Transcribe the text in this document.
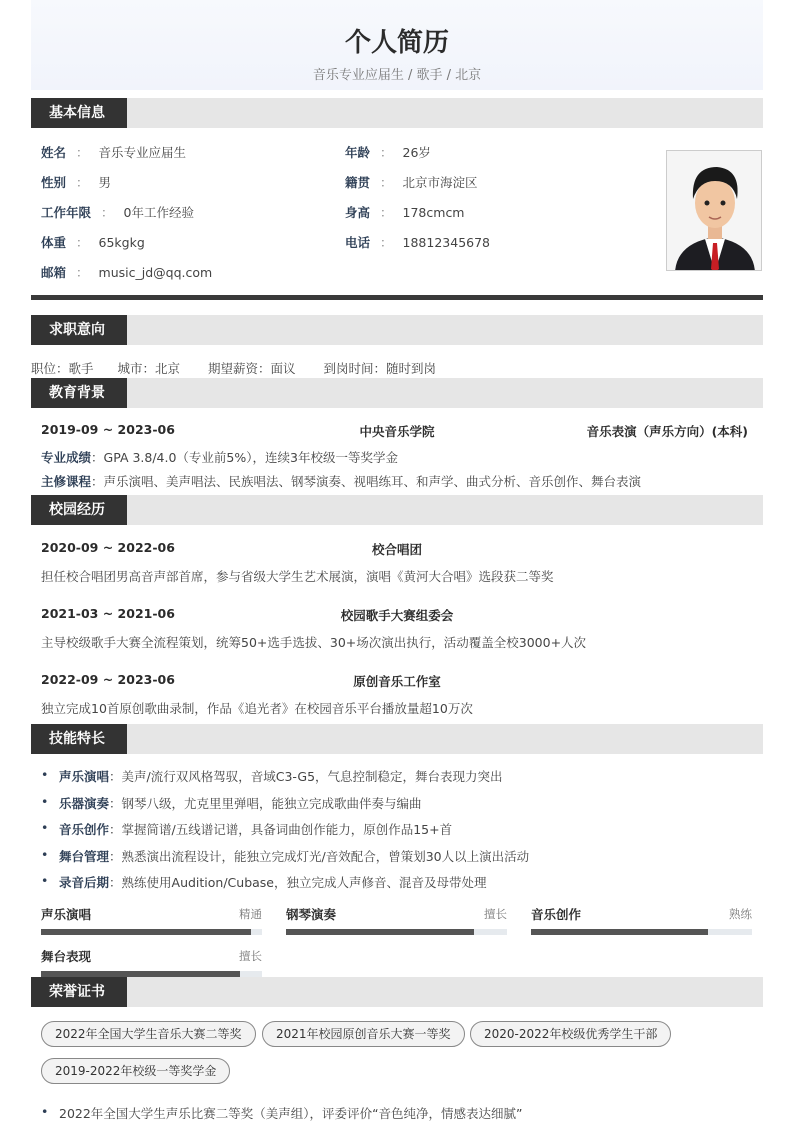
个人简历
音乐专业应届生 / 歌手 / 北京
基本信息
姓名 ： 音乐专业应届生	年龄 ： 26岁
性别 ： 男	籍贯 ： 北京市海淀区
工作年限 ： 0年工作经验	身高 ： 178cmcm
体重 ： 65kgkg	电话 ： 18812345678
邮箱 ： music_jd@qq.com
求职意向
职位：歌手 城市：北京 期望薪资：面议 到岗时间：随时到岗
教育背景
2019-09 ~ 2023-06	中央音乐学院	音乐表演（声乐方向）(本科)
专业成绩：GPA 3.8/4.0（专业前5%），连续3年校级一等奖学金
主修课程：声乐演唱、美声唱法、民族唱法、钢琴演奏、视唱练耳、和声学、曲式分析、音乐创作、舞台表演
校园经历
2020-09 ~ 2022-06	校合唱团
担任校合唱团男高音声部首席，参与省级大学生艺术展演，演唱《黄河大合唱》选段获二等奖
2021-03 ~ 2021-06	校园歌手大赛组委会
主导校级歌手大赛全流程策划，统筹50+选手选拔、30+场次演出执行，活动覆盖全校3000+人次
2022-09 ~ 2023-06	原创音乐工作室
独立完成10首原创歌曲录制，作品《追光者》在校园音乐平台播放量超10万次
技能特长
• 声乐演唱：美声/流行双风格驾驭，音域C3-G5，气息控制稳定，舞台表现力突出
• 乐器演奏：钢琴八级，尤克里里弹唱，能独立完成歌曲伴奏与编曲
• 音乐创作：掌握简谱/五线谱记谱，具备词曲创作能力，原创作品15+首
• 舞台管理：熟悉演出流程设计，能独立完成灯光/音效配合，曾策划30人以上演出活动
• 录音后期：熟练使用Audition/Cubase，独立完成人声修音、混音及母带处理
声乐演唱	精通 钢琴演奏	擅长 音乐创作	熟练
舞台表现	擅长
荣誉证书
2022年全国大学生音乐大赛二等奖	2021年校园原创音乐大赛一等奖	2020-2022年校级优秀学生干部
2019-2022年校级一等奖学金
• 2022年全国大学生声乐比赛二等奖（美声组），评委评价“音色纯净，情感表达细腻”
